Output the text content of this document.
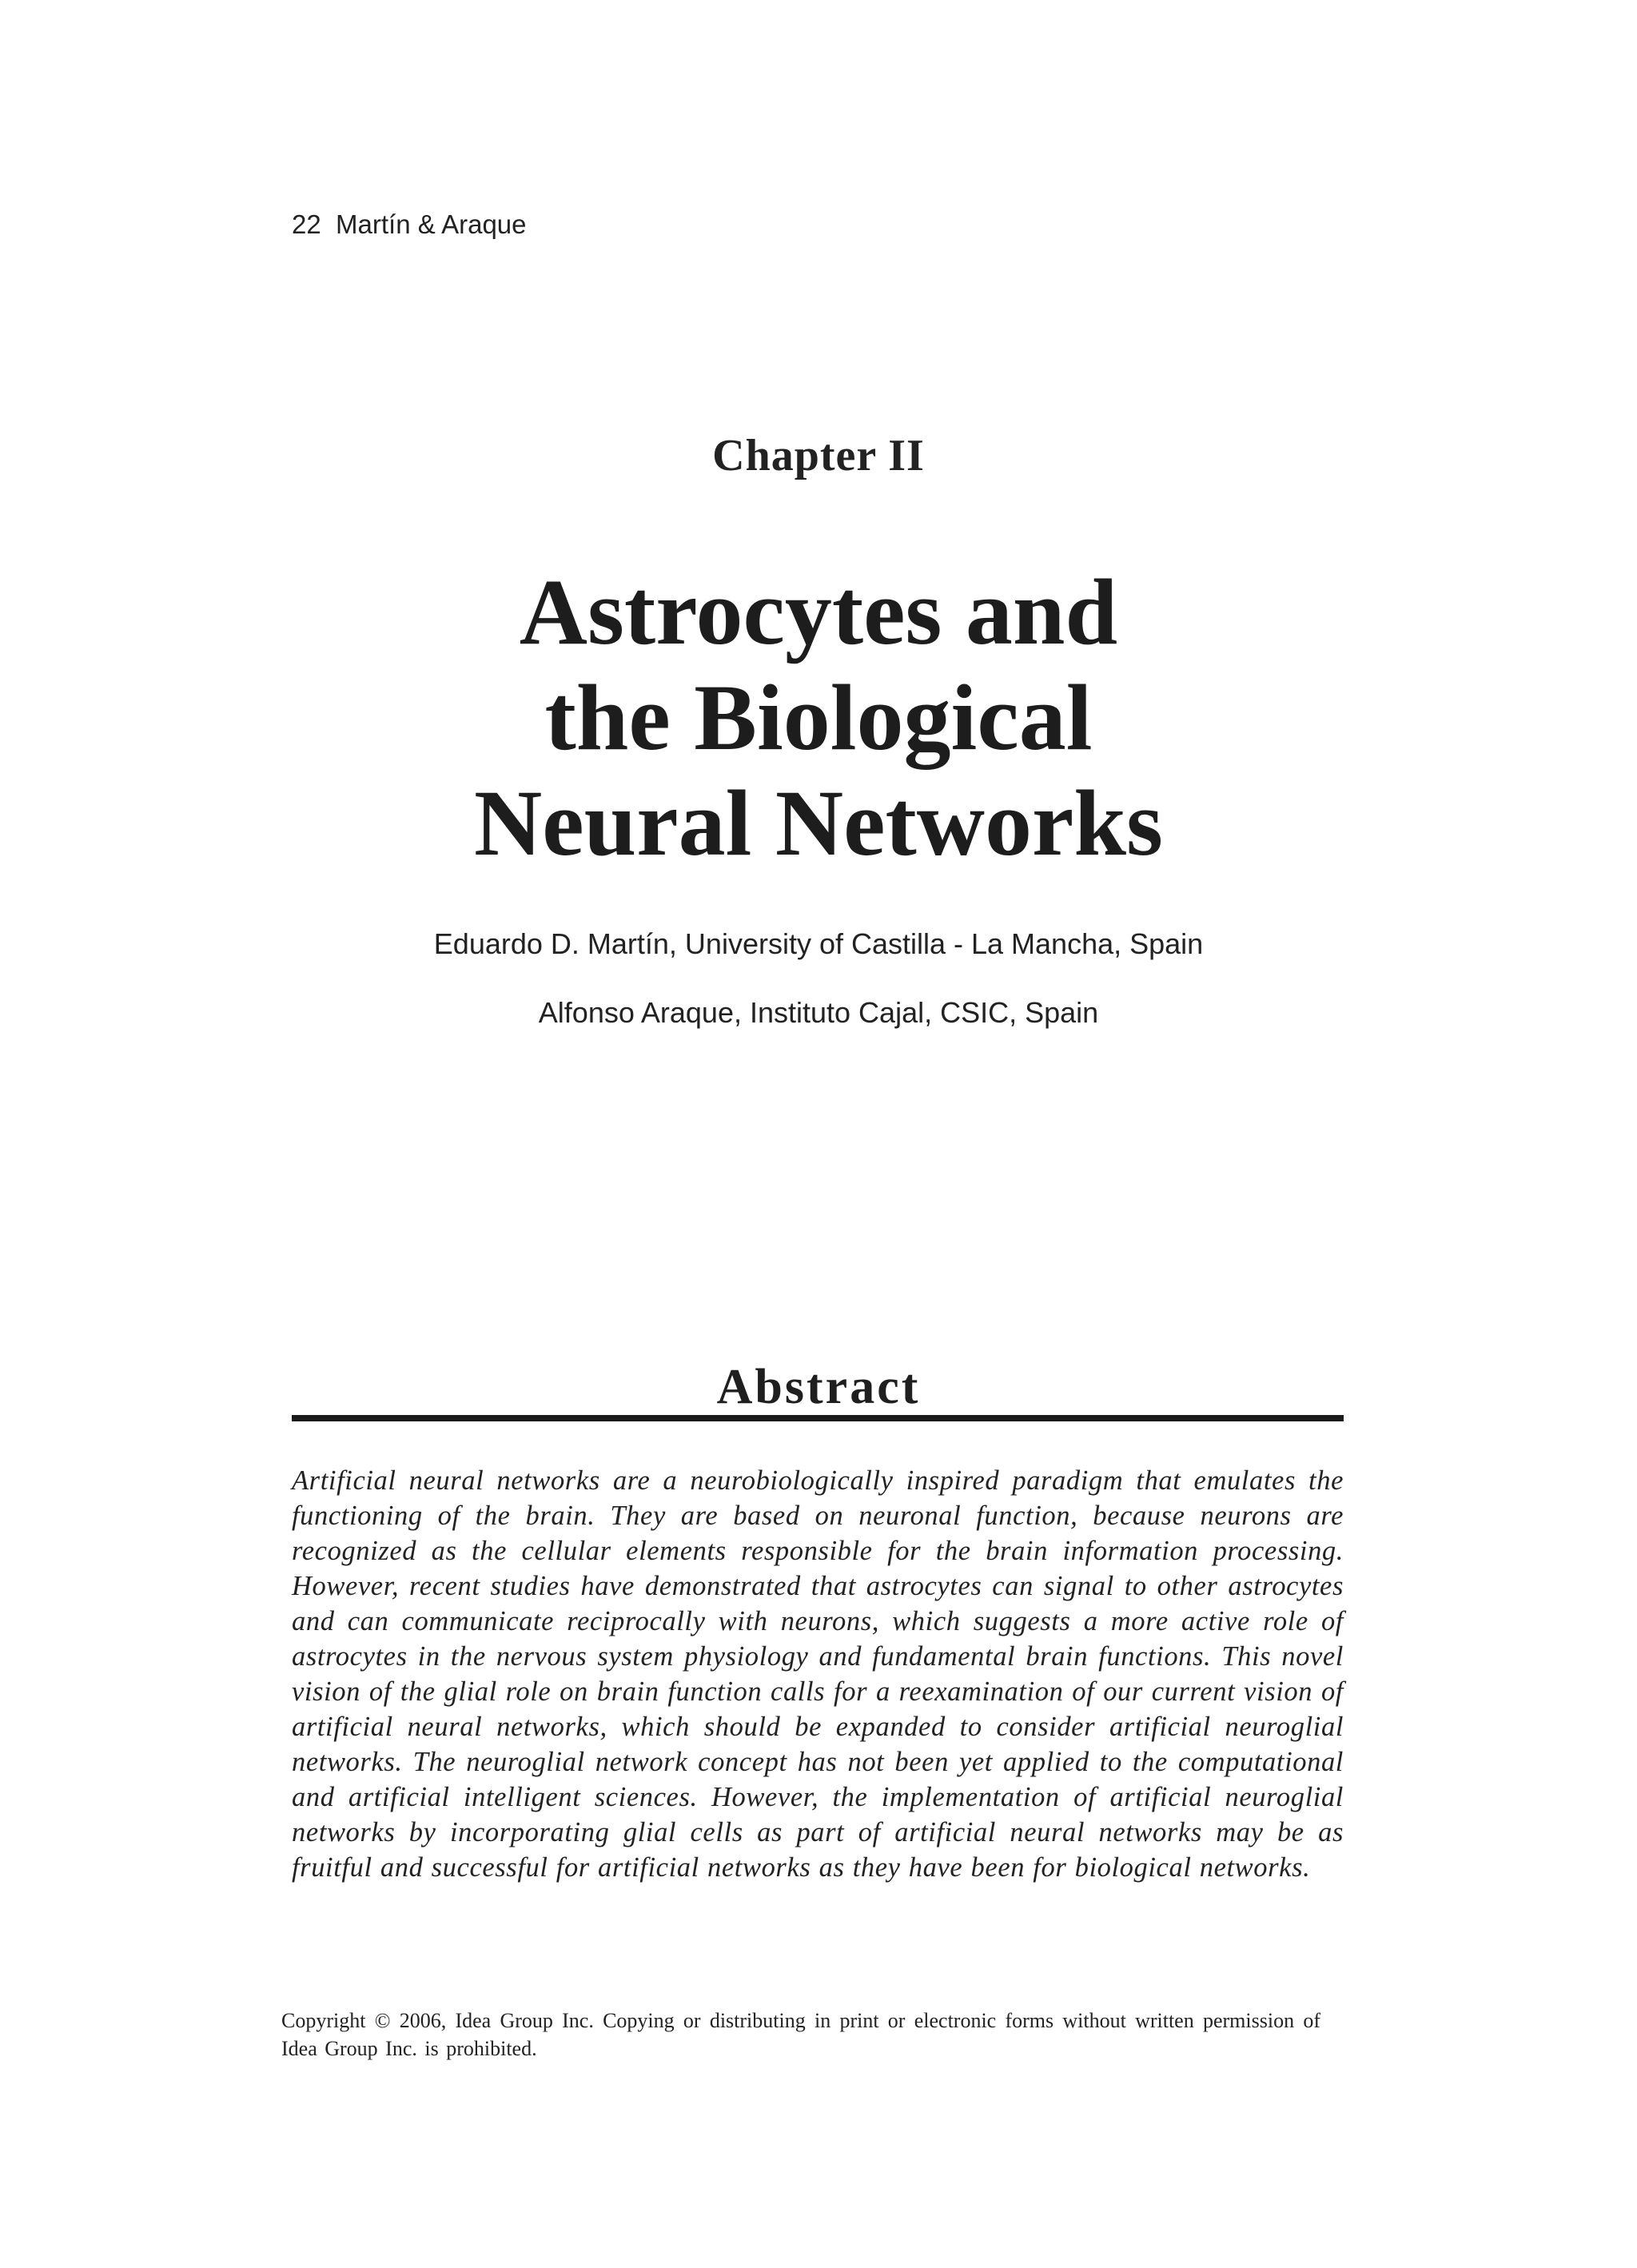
22  Martín & Araque
Chapter II
Astrocytes and
the Biological
Neural Networks
Eduardo D. Martín, University of Castilla - La Mancha, Spain
Alfonso Araque, Instituto Cajal, CSIC, Spain
Abstract
Artificial neural networks are a neurobiologically inspired paradigm that emulates the functioning of the brain. They are based on neuronal function, because neurons are recognized as the cellular elements responsible for the brain information processing. However, recent studies have demonstrated that astrocytes can signal to other astrocytes and can communicate reciprocally with neurons, which suggests a more active role of astrocytes in the nervous system physiology and fundamental brain functions. This novel vision of the glial role on brain function calls for a reexamination of our current vision of artificial neural networks, which should be expanded to consider artificial neuroglial networks. The neuroglial network concept has not been yet applied to the computational and artificial intelligent sciences. However, the implementation of artificial neuroglial networks by incorporating glial cells as part of artificial neural networks may be as fruitful and successful for artificial networks as they have been for biological networks.
Copyright © 2006, Idea Group Inc. Copying or distributing in print or electronic forms without written permission of Idea Group Inc. is prohibited.
